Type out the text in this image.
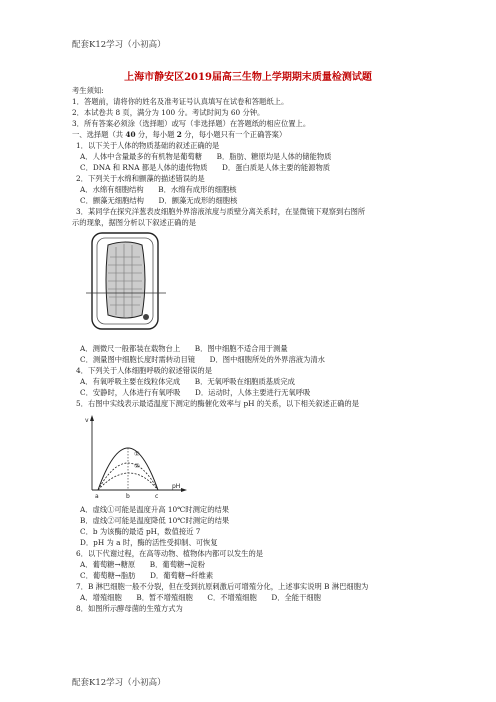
配套K12学习（小初高）
上海市静安区2019届高三生物上学期期末质量检测试题
考生须知:
1．答题前，请将你的姓名及准考证号认真填写在试卷和答题纸上。
2．本试卷共 8 页，满分为 100 分。考试时间为 60 分钟。
3．所有答案必须涂（选择题）或写（非选择题）在答题纸的相应位置上。
一、选择题（共 40 分，每小题 2 分，每小题只有一个正确答案）
1．以下关于人体的物质基础的叙述正确的是
A．人体中含量最多的有机物是葡萄糖　　B．脂肪、糖原均是人体的储能物质
C．DNA 和 RNA 都是人体的遗传物质　　D．蛋白质是人体主要的能源物质
2．下列关于水绵和颤藻的描述错误的是
A．水绵有细胞结构　　B．水绵有成形的细胞核
C．颤藻无细胞结构　　D．颤藻无成形的细胞核
3．某同学在探究洋葱表皮细胞外界溶液浓度与质壁分离关系时，在显微镜下观察到右图所
示的现象，据图分析以下叙述正确的是
A．测微尺一般都装在载物台上　　B．图中细胞不适合用于测量
C．测量图中细胞长度时需转动目镜　　D．图中细胞所处的外界溶液为清水
4．下列关于人体细胞呼吸的叙述错误的是
A．有氧呼吸主要在线粒体完成　　B．无氧呼吸在细胞质基质完成
C．安静时，人体进行有氧呼吸　　D．运动时，人体主要进行无氧呼吸
5．右图中实线表示最适温度下测定的酶催化效率与 pH 的关系，以下相关叙述正确的是
v
pH
①
②
a	b	c
A．虚线①可能是温度升高 10℃时测定的结果
B．虚线②可能是温度降低 10℃时测定的结果
C．b 为该酶的最适 pH，数值接近 7
D．pH 为 a 时，酶的活性受抑制、可恢复
6．以下代谢过程，在高等动物、植物体内都可以发生的是
A．葡萄糖→糖原　　B．葡萄糖→淀粉
C．葡萄糖→脂肪　　D．葡萄糖→纤维素
7．B 淋巴细胞一般不分裂，但在受到抗原刺激后可增殖分化，上述事实说明 B 淋巴细胞为
A．增殖细胞　　B．暂不增殖细胞　　C．不增殖细胞　　D．全能干细胞
8．如图所示酵母菌的生殖方式为
配套K12学习（小初高）
